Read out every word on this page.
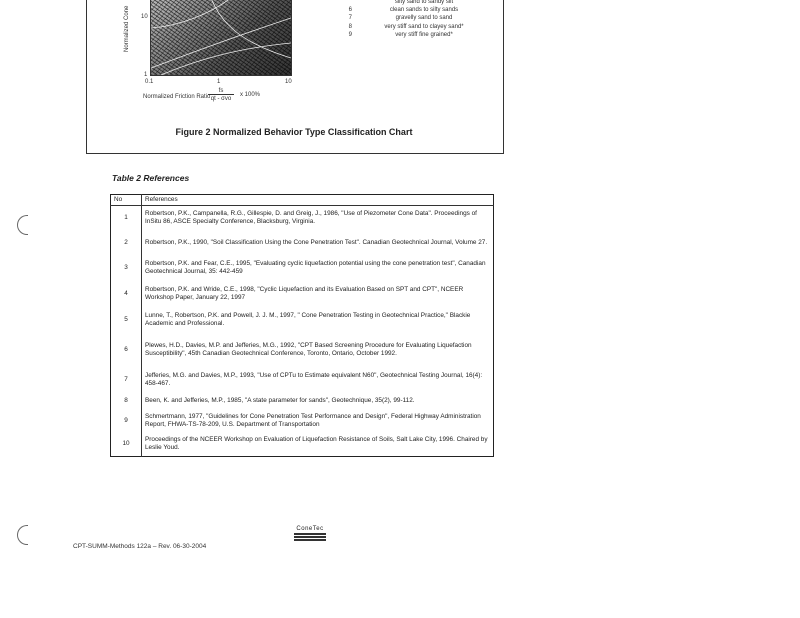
Normalized Cone 10
1
0.1	1	10
Normalized Friction Ratio
fs
qt - σvo
x 100%
silty sand to sandy silt
6	clean sands to silty sands
7	gravelly sand to sand
8	very stiff sand to clayey sand*
9	very stiff fine grained*
Figure 2 Normalized Behavior Type Classification Chart
Table 2 References
No	References
1	Robertson, P.K., Campanella, R.G., Gillespie, D. and Greig, J., 1986, "Use of Piezometer Cone Data". Proceedings of InSitu 86, ASCE Specialty Conference, Blacksburg, Virginia.
2	Robertson, P.K., 1990, "Soil Classification Using the Cone Penetration Test". Canadian Geotechnical Journal, Volume 27.
3	Robertson, P.K. and Fear, C.E., 1995, "Evaluating cyclic liquefaction potential using the cone penetration test", Canadian Geotechnical Journal, 35: 442-459
4	Robertson, P.K. and Wride, C.E., 1998, "Cyclic Liquefaction and its Evaluation Based on SPT and CPT", NCEER Workshop Paper, January 22, 1997
5	Lunne, T., Robertson, P.K. and Powell, J. J. M., 1997, " Cone Penetration Testing in Geotechnical Practice," Blackie Academic and Professional.
6	Plewes, H.D., Davies, M.P. and Jefferies, M.G., 1992, "CPT Based Screening Procedure for Evaluating Liquefaction Susceptibility", 45th Canadian Geotechnical Conference, Toronto, Ontario, October 1992.
7	Jefferies, M.G. and Davies, M.P., 1993, "Use of CPTu to Estimate equivalent N60", Geotechnical Testing Journal, 16(4): 458-467.
8	Been, K. and Jefferies, M.P., 1985, "A state parameter for sands", Geotechnique, 35(2), 99-112.
9	Schmertmann, 1977, "Guidelines for Cone Penetration Test Performance and Design", Federal Highway Administration Report, FHWA-TS-78-209, U.S. Department of Transportation
10	Proceedings of the NCEER Workshop on Evaluation of Liquefaction Resistance of Soils, Salt Lake City, 1996. Chaired by Leslie Youd.
CPT-SUMM-Methods 122a – Rev. 06-30-2004
ConeTec
